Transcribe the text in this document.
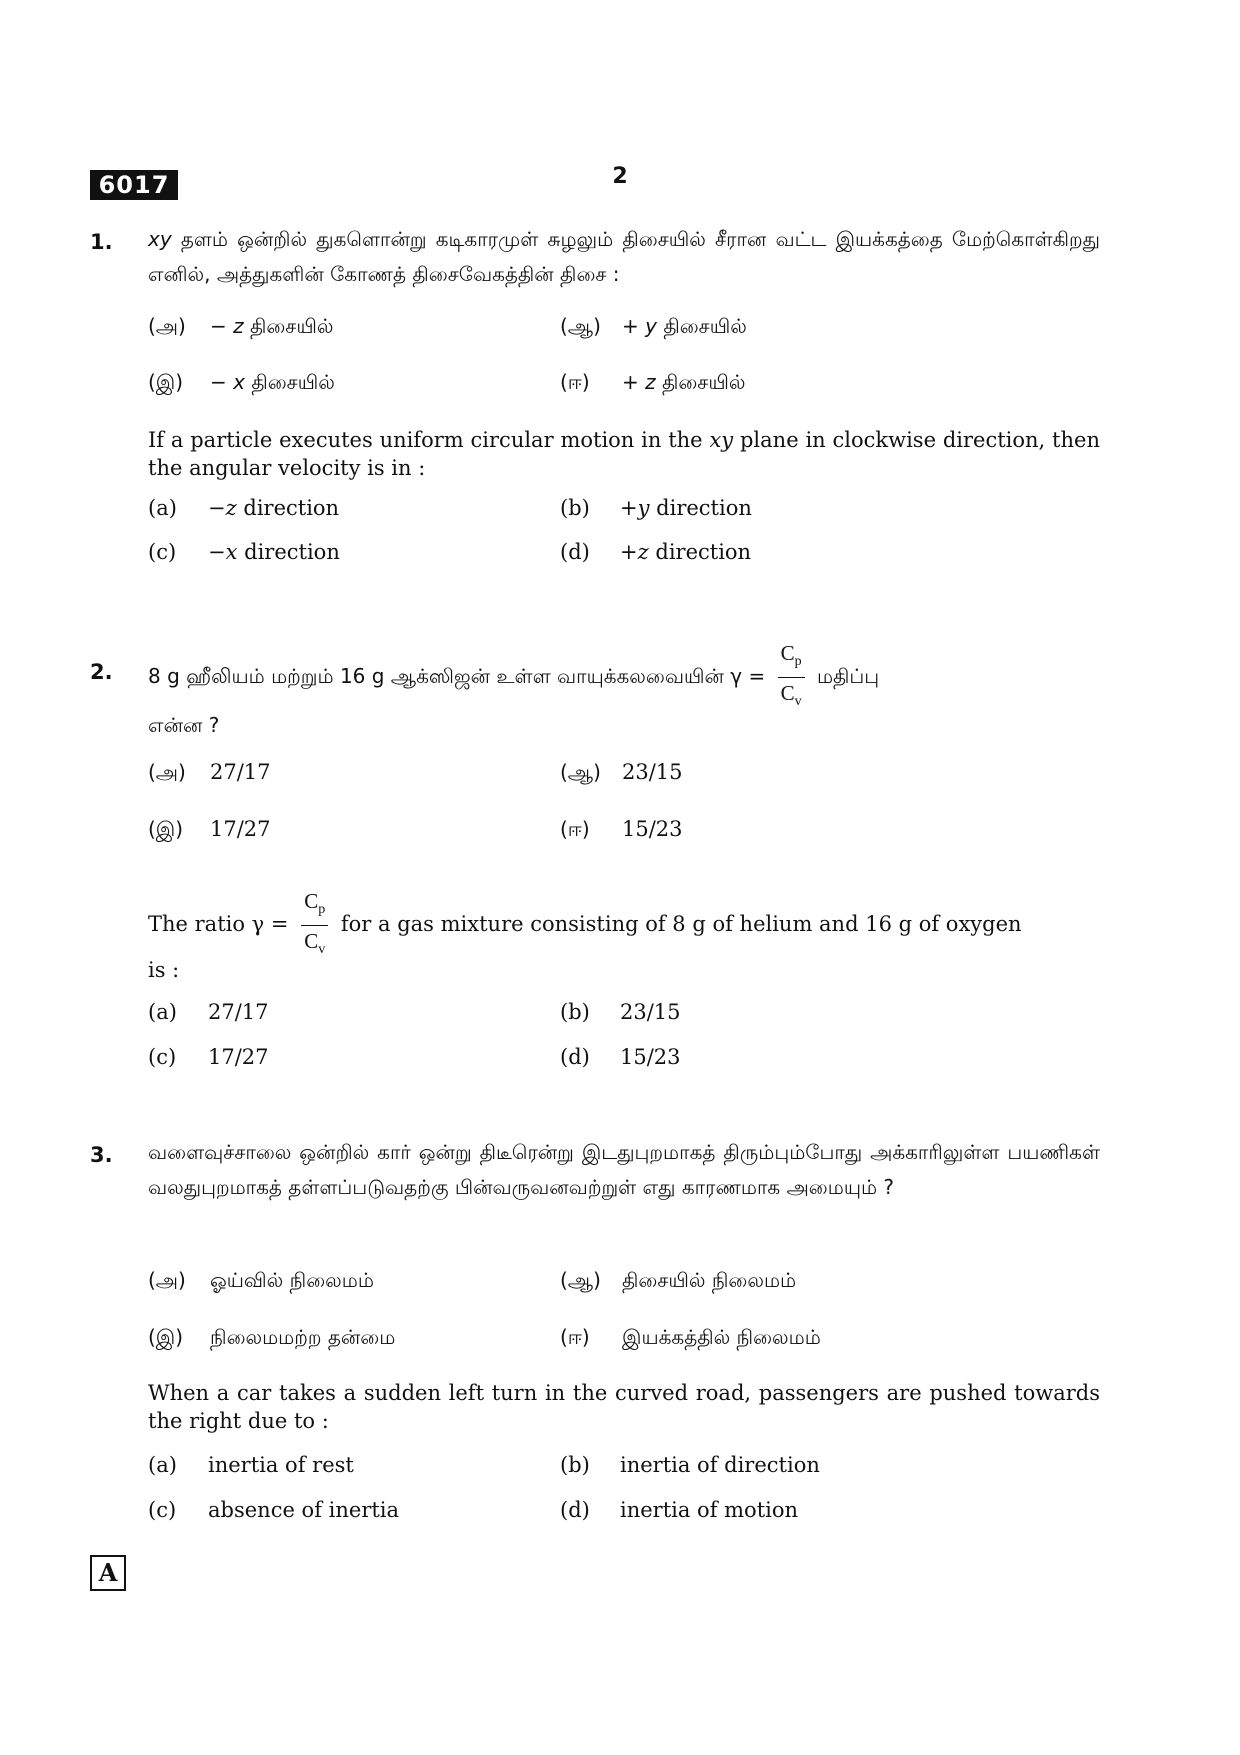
6017	2
1. xy தளம் ஒன்றில் துகளொன்று கடிகாரமுள் சுழலும் திசையில் சீரான வட்ட இயக்கத்தை மேற்கொள்கிறது எனில், அத்துகளின் கோணத் திசைவேகத்தின் திசை :
(அ) − z திசையில்	(ஆ) + y திசையில்
(இ) − x திசையில்	(ஈ) + z திசையில்
If a particle executes uniform circular motion in the xy plane in clockwise direction, then the angular velocity is in :
(a) −z direction	(b) +y direction
(c) −x direction	(d) +z direction
2. 8 g ஹீலியம் மற்றும் 16 g ஆக்ஸிஜன் உள்ள வாயுக்கலவையின் $\gamma = \frac{C_p}{C_v}$ மதிப்பு
என்ன ?
(அ) 27/17	(ஆ) 23/15
(இ) 17/27	(ஈ) 15/23
The ratio $\gamma = \frac{C_p}{C_v}$ for a gas mixture consisting of 8 g of helium and 16 g of oxygen
is :
(a) 27/17	(b) 23/15
(c) 17/27	(d) 15/23
3. வளைவுச்சாலை ஒன்றில் கார் ஒன்று திடீரென்று இடதுபுறமாகத் திரும்பும்போது அக்காரிலுள்ள பயணிகள் வலதுபுறமாகத் தள்ளப்படுவதற்கு பின்வருவனவற்றுள் எது காரணமாக அமையும் ?
(அ) ஓய்வில் நிலைமம்	(ஆ) திசையில் நிலைமம்
(இ) நிலைமமற்ற தன்மை	(ஈ) இயக்கத்தில் நிலைமம்
When a car takes a sudden left turn in the curved road, passengers are pushed towards the right due to :
(a) inertia of rest	(b) inertia of direction
(c) absence of inertia	(d) inertia of motion
A
